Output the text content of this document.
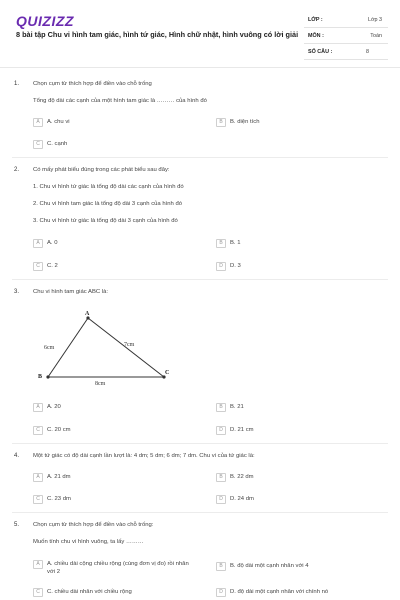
QUIZIZZ
8 bài tập Chu vi hình tam giác, hình tứ giác, Hình chữ nhật, hình vuông có lời giải
LỚP :	Lớp 3
MÔN :	Toán
SỐ CÂU :	8
1. Chọn cụm từ thích hợp để điền vào chỗ trống
Tổng độ dài các cạnh của một hình tam giác là ……… của hình đó
A	A. chu vi	B	B. diện tích
C	C. cạnh
2. Có mấy phát biểu đúng trong các phát biểu sau đây:
1. Chu vi hình tứ giác là tổng độ dài các cạnh của hình đó
2. Chu vi hình tam giác là tổng độ dài 3 cạnh của hình đó
3. Chu vi hình tứ giác là tổng độ dài 3 cạnh của hình đó
A	A. 0	B	B. 1
C	C. 2	D	D. 3
3. Chu vi hình tam giác ABC là:
A
B
C
6cm	7cm
8cm
A	A. 20	B	B. 21
C	C. 20 cm	D	D. 21 cm
4. Một tứ giác có độ dài cạnh lần lượt là: 4 dm; 5 dm; 6 dm; 7 dm. Chu vi của tứ giác là:
A	A. 21 dm	B	B. 22 dm
C	C. 23 dm	D	D. 24 dm
5. Chọn cụm từ thích hợp để điền vào chỗ trống:
Muốn tính chu vi hình vuông, ta lấy ………
A	A. chiều dài cộng chiều rộng (cùng đơn vị đo) rồi nhân với 2
B	B. độ dài một cạnh nhân với 4
C	C. chiều dài nhân với chiều rộng	D	D. độ dài một cạnh nhân với chính nó
